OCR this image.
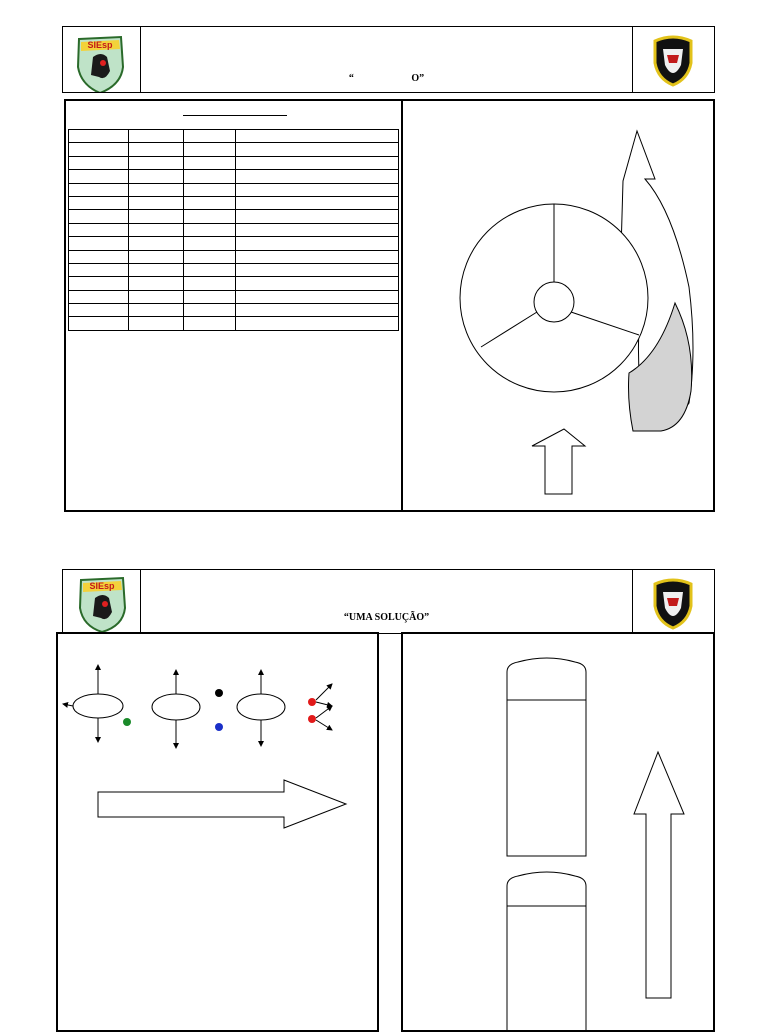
SIEsp
“	O”

SIEsp
“UMA SOLUÇÃO”
